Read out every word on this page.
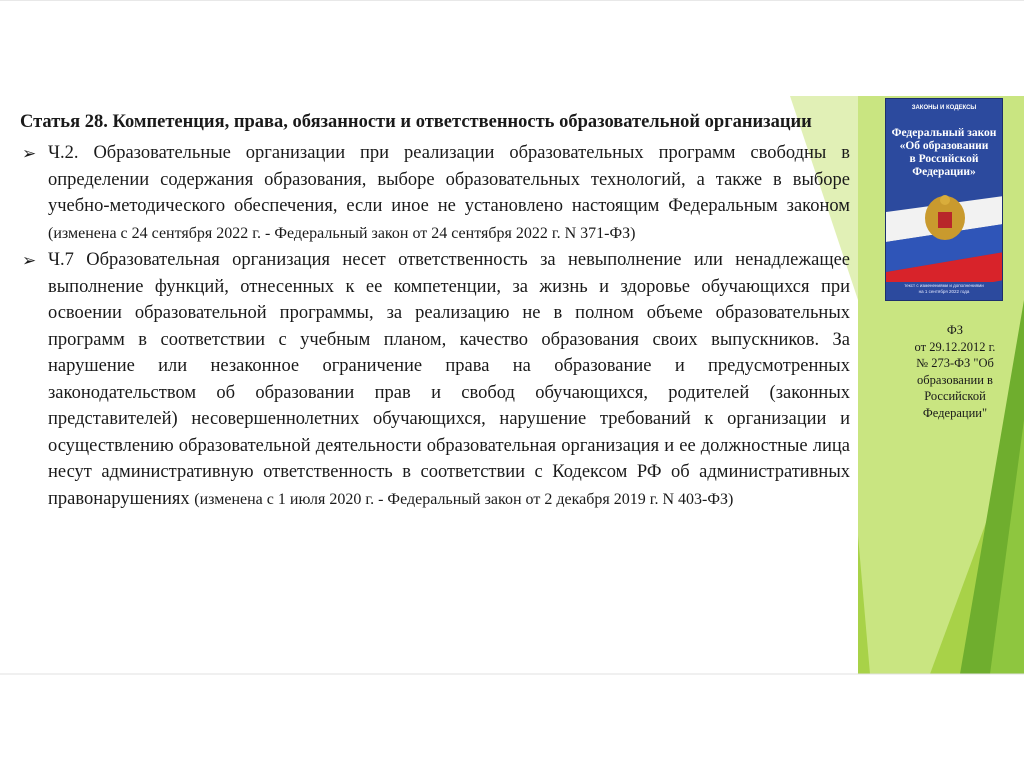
Статья 28. Компетенция, права, обязанности и ответственность образовательной организации

➢ Ч.2. Образовательные организации при реализации образовательных программ свободны в определении содержания образования, выборе образовательных технологий, а также в выборе учебно-методического обеспечения, если иное не установлено настоящим Федеральным законом (изменена с 24 сентября 2022 г. - Федеральный закон от 24 сентября 2022 г. N 371-ФЗ)

➢ Ч.7 Образовательная организация несет ответственность за невыполнение или ненадлежащее выполнение функций, отнесенных к ее компетенции, за жизнь и здоровье обучающихся при освоении образовательной программы, за реализацию не в полном объеме образовательных программ в соответствии с учебным планом, качество образования своих выпускников. За нарушение или незаконное ограничение права на образование и предусмотренных законодательством об образовании прав и свобод обучающихся, родителей (законных представителей) несовершеннолетних обучающихся, нарушение требований к организации и осуществлению образовательной деятельности образовательная организация и ее должностные лица несут административную ответственность в соответствии с Кодексом РФ об административных правонарушениях (изменена с 1 июля 2020 г. - Федеральный закон от 2 декабря 2019 г. N 403-ФЗ)

ЗАКОНЫ И КОДЕКСЫ
Федеральный закон
«Об образовании
в Российской
Федерации»
текст с изменениями и дополнениями
на 1 сентября 2022 года
ФЗ
от 29.12.2012 г.
№ 273-ФЗ "Об
образовании в
Российской
Федерации"
